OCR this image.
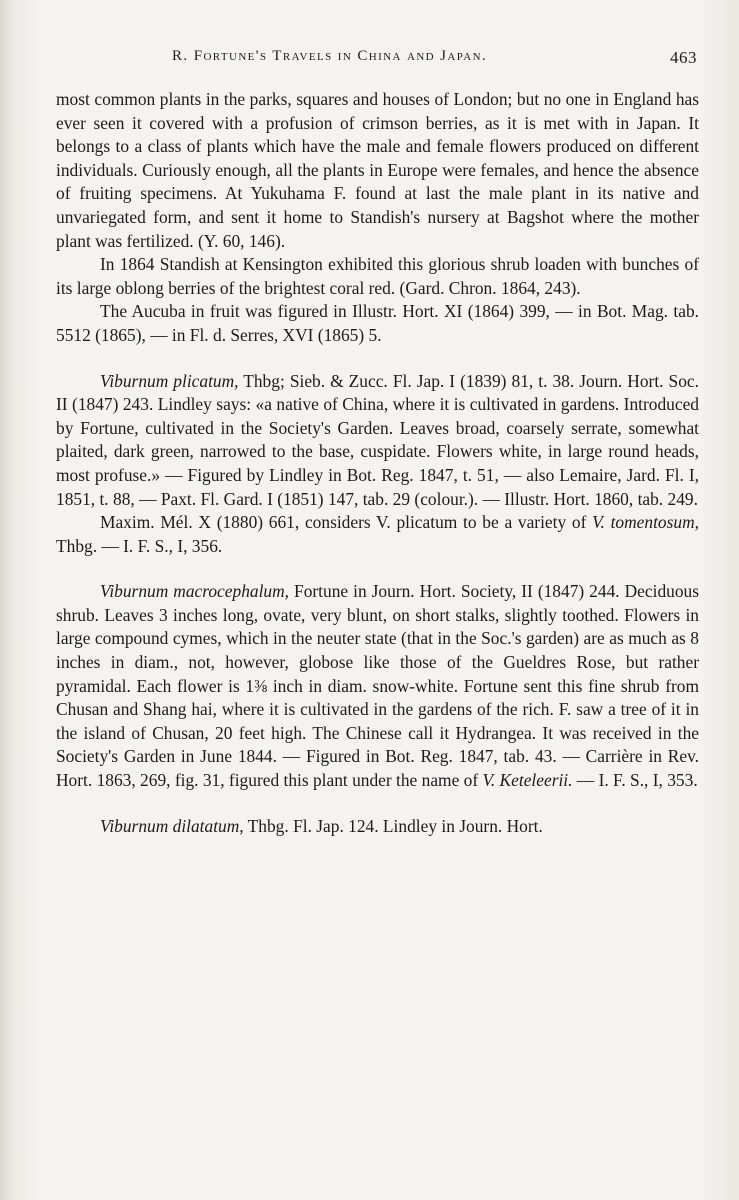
R. Fortune's Travels in China and Japan.	463

most common plants in the parks, squares and houses of London; but no one in England has ever seen it covered with a profusion of crimson berries, as it is met with in Japan. It belongs to a class of plants which have the male and female flowers produced on different individuals. Curiously enough, all the plants in Europe were females, and hence the absence of fruiting specimens. At Yukuhama F. found at last the male plant in its native and unvariegated form, and sent it home to Standish's nursery at Bagshot where the mother plant was fertilized. (Y. 60, 146).

In 1864 Standish at Kensington exhibited this glorious shrub loaden with bunches of its large oblong berries of the brightest coral red. (Gard. Chron. 1864, 243).

The Aucuba in fruit was figured in Illustr. Hort. XI (1864) 399, — in Bot. Mag. tab. 5512 (1865), — in Fl. d. Serres, XVI (1865) 5.

Viburnum plicatum, Thbg; Sieb. & Zucc. Fl. Jap. I (1839) 81, t. 38. Journ. Hort. Soc. II (1847) 243. Lindley says: «a native of China, where it is cultivated in gardens. Introduced by Fortune, cultivated in the Society's Garden. Leaves broad, coarsely serrate, somewhat plaited, dark green, narrowed to the base, cuspidate. Flowers white, in large round heads, most profuse.» — Figured by Lindley in Bot. Reg. 1847, t. 51, — also Lemaire, Jard. Fl. I, 1851, t. 88, — Paxt. Fl. Gard. I (1851) 147, tab. 29 (colour.). — Illustr. Hort. 1860, tab. 249.

Maxim. Mél. X (1880) 661, considers V. plicatum to be a variety of V. tomentosum, Thbg. — I. F. S., I, 356.

Viburnum macrocephalum, Fortune in Journ. Hort. Society, II (1847) 244. Deciduous shrub. Leaves 3 inches long, ovate, very blunt, on short stalks, slightly toothed. Flowers in large compound cymes, which in the neuter state (that in the Soc.'s garden) are as much as 8 inches in diam., not, however, globose like those of the Gueldres Rose, but rather pyramidal. Each flower is 1⅜ inch in diam. snow-white. Fortune sent this fine shrub from Chusan and Shang hai, where it is cultivated in the gardens of the rich. F. saw a tree of it in the island of Chusan, 20 feet high. The Chinese call it Hydrangea. It was received in the Society's Garden in June 1844. — Figured in Bot. Reg. 1847, tab. 43. — Carrière in Rev. Hort. 1863, 269, fig. 31, figured this plant under the name of V. Keteleerii. — I. F. S., I, 353.

Viburnum dilatatum, Thbg. Fl. Jap. 124. Lindley in Journ. Hort.
